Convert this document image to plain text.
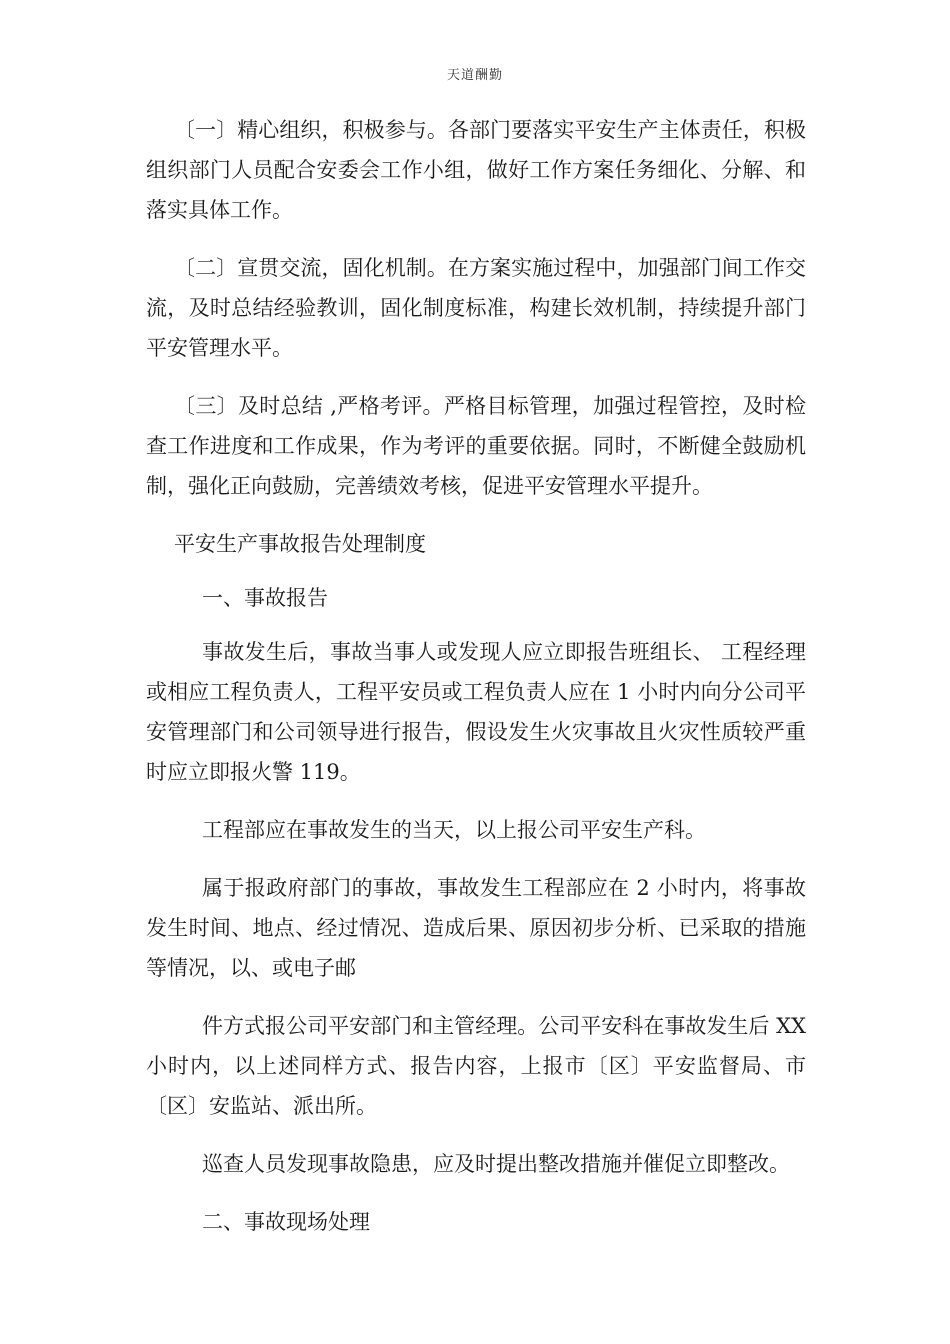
天道酬勤

〔一〕精心组织，积极参与。各部门要落实平安生产主体责任，积极组织部门人员配合安委会工作小组，做好工作方案任务细化、分解、和落实具体工作。

〔二〕宣贯交流，固化机制。在方案实施过程中，加强部门间工作交流，及时总结经验教训，固化制度标准，构建长效机制，持续提升部门平安管理水平。

〔三〕及时总结 ,严格考评。严格目标管理，加强过程管控，及时检查工作进度和工作成果，作为考评的重要依据。同时，不断健全鼓励机制，强化正向鼓励，完善绩效考核，促进平安管理水平提升。

平安生产事故报告处理制度

一、事故报告

事故发生后，事故当事人或发现人应立即报告班组长、 工程经理或相应工程负责人，工程平安员或工程负责人应在 1 小时内向分公司平安管理部门和公司领导进行报告，假设发生火灾事故且火灾性质较严重时应立即报火警 119。

工程部应在事故发生的当天，以上报公司平安生产科。

属于报政府部门的事故，事故发生工程部应在 2 小时内，将事故发生时间、地点、经过情况、造成后果、原因初步分析、已采取的措施等情况，以、或电子邮

件方式报公司平安部门和主管经理。公司平安科在事故发生后 XX 小时内，以上述同样方式、报告内容，上报市〔区〕平安监督局、市〔区〕安监站、派出所。

巡查人员发现事故隐患，应及时提出整改措施并催促立即整改。

二、事故现场处理
